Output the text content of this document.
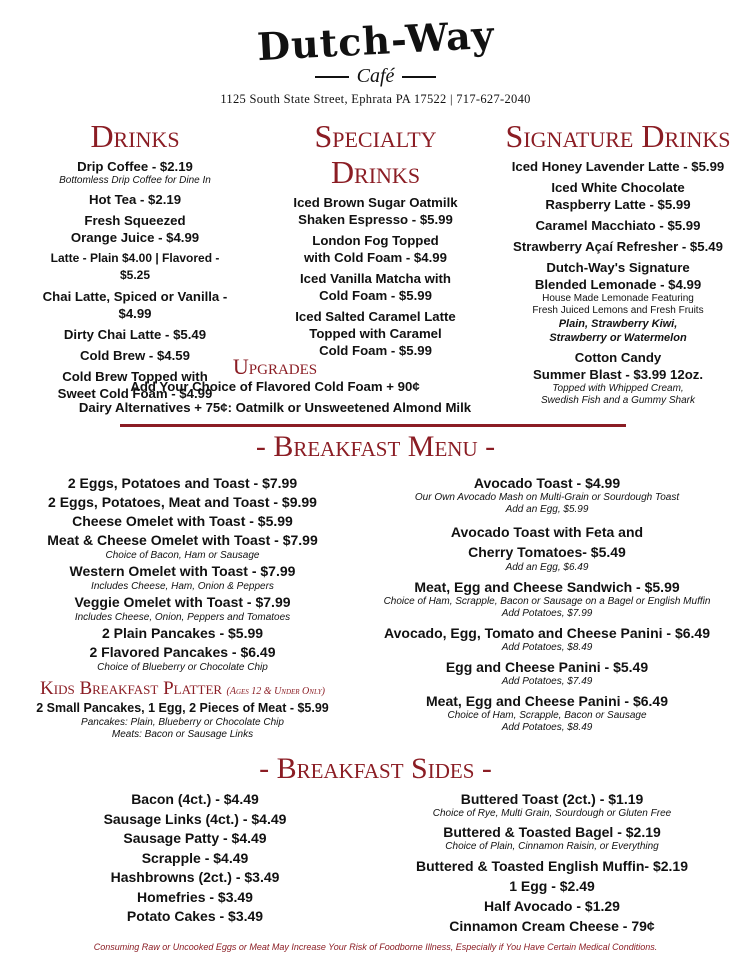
Dutch-Way
Café
1125 South State Street, Ephrata PA 17522 | 717-627-2040
Drinks
Drip Coffee - $2.19
Bottomless Drip Coffee for Dine In
Hot Tea - $2.19
Fresh Squeezed
Orange Juice - $4.99
Latte - Plain $4.00 | Flavored - $5.25
Chai Latte, Spiced or Vanilla - $4.99
Dirty Chai Latte - $5.49
Cold Brew - $4.59
Cold Brew Topped with
Sweet Cold Foam - $4.99
Specialty Drinks
Iced Brown Sugar Oatmilk
Shaken Espresso - $5.99
London Fog Topped
with Cold Foam - $4.99
Iced Vanilla Matcha with
Cold Foam - $5.99
Iced Salted Caramel Latte
Topped with Caramel
Cold Foam - $5.99
Signature Drinks
Iced Honey Lavender Latte - $5.99
Iced White Chocolate
Raspberry Latte - $5.99
Caramel Macchiato - $5.99
Strawberry Açaí Refresher - $5.49
Dutch-Way's Signature
Blended Lemonade - $4.99
House Made Lemonade Featuring
Fresh Juiced Lemons and Fresh Fruits
Plain, Strawberry Kiwi,
Strawberry or Watermelon
Cotton Candy
Summer Blast - $3.99 12oz.
Topped with Whipped Cream,
Swedish Fish and a Gummy Shark
Upgrades
Add Your Choice of Flavored Cold Foam + 90¢
Dairy Alternatives + 75¢: Oatmilk or Unsweetened Almond Milk
- Breakfast Menu -
2 Eggs, Potatoes and Toast - $7.99
2 Eggs, Potatoes, Meat and Toast - $9.99
Cheese Omelet with Toast - $5.99
Meat & Cheese Omelet with Toast - $7.99
Choice of Bacon, Ham or Sausage
Western Omelet with Toast - $7.99
Includes Cheese, Ham, Onion & Peppers
Veggie Omelet with Toast - $7.99
Includes Cheese, Onion, Peppers and Tomatoes
2 Plain Pancakes - $5.99
2 Flavored Pancakes - $6.49
Choice of Blueberry or Chocolate Chip
Kids Breakfast Platter (Ages 12 & Under Only)
2 Small Pancakes, 1 Egg, 2 Pieces of Meat - $5.99
Pancakes: Plain, Blueberry or Chocolate Chip
Meats: Bacon or Sausage Links
Avocado Toast - $4.99
Our Own Avocado Mash on Multi-Grain or Sourdough Toast
Add an Egg, $5.99
Avocado Toast with Feta and
Cherry Tomatoes- $5.49
Add an Egg, $6.49
Meat, Egg and Cheese Sandwich - $5.99
Choice of Ham, Scrapple, Bacon or Sausage on a Bagel or English Muffin
Add Potatoes, $7.99
Avocado, Egg, Tomato and Cheese Panini - $6.49
Add Potatoes, $8.49
Egg and Cheese Panini - $5.49
Add Potatoes, $7.49
Meat, Egg and Cheese Panini - $6.49
Choice of Ham, Scrapple, Bacon or Sausage
Add Potatoes, $8.49
- Breakfast Sides -
Bacon (4ct.) - $4.49
Sausage Links (4ct.) - $4.49
Sausage Patty - $4.49
Scrapple - $4.49
Hashbrowns (2ct.) - $3.49
Homefries - $3.49
Potato Cakes - $3.49
Buttered Toast (2ct.) - $1.19
Choice of Rye, Multi Grain, Sourdough or Gluten Free
Buttered & Toasted Bagel - $2.19
Choice of Plain, Cinnamon Raisin, or Everything
Buttered & Toasted English Muffin- $2.19
1 Egg - $2.49
Half Avocado - $1.29
Cinnamon Cream Cheese - 79¢
Consuming Raw or Uncooked Eggs or Meat May Increase Your Risk of Foodborne Illness, Especially if You Have Certain Medical Conditions.
